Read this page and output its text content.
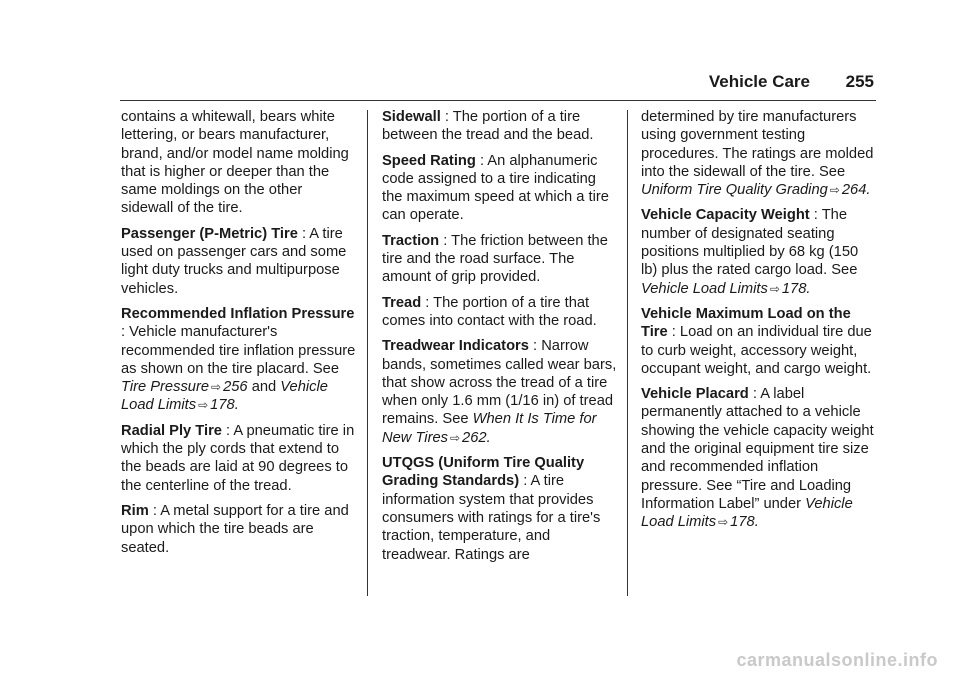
Vehicle Care 255

contains a whitewall, bears white lettering, or bears manufacturer, brand, and/or model name molding that is higher or deeper than the same moldings on the other sidewall of the tire.

Passenger (P-Metric) Tire : A tire used on passenger cars and some light duty trucks and multipurpose vehicles.

Recommended Inflation Pressure : Vehicle manufacturer's recommended tire inflation pressure as shown on the tire placard. See Tire Pressure ⇨ 256 and Vehicle Load Limits ⇨ 178.

Radial Ply Tire : A pneumatic tire in which the ply cords that extend to the beads are laid at 90 degrees to the centerline of the tread.

Rim : A metal support for a tire and upon which the tire beads are seated.

Sidewall : The portion of a tire between the tread and the bead.

Speed Rating : An alphanumeric code assigned to a tire indicating the maximum speed at which a tire can operate.

Traction : The friction between the tire and the road surface. The amount of grip provided.

Tread : The portion of a tire that comes into contact with the road.

Treadwear Indicators : Narrow bands, sometimes called wear bars, that show across the tread of a tire when only 1.6 mm (1/16 in) of tread remains. See When It Is Time for New Tires ⇨ 262.

UTQGS (Uniform Tire Quality Grading Standards) : A tire information system that provides consumers with ratings for a tire's traction, temperature, and treadwear. Ratings are

determined by tire manufacturers using government testing procedures. The ratings are molded into the sidewall of the tire. See Uniform Tire Quality Grading ⇨ 264.

Vehicle Capacity Weight : The number of designated seating positions multiplied by 68 kg (150 lb) plus the rated cargo load. See Vehicle Load Limits ⇨ 178.

Vehicle Maximum Load on the Tire : Load on an individual tire due to curb weight, accessory weight, occupant weight, and cargo weight.

Vehicle Placard : A label permanently attached to a vehicle showing the vehicle capacity weight and the original equipment tire size and recommended inflation pressure. See “Tire and Loading Information Label” under Vehicle Load Limits ⇨ 178.

carmanualsonline.info
